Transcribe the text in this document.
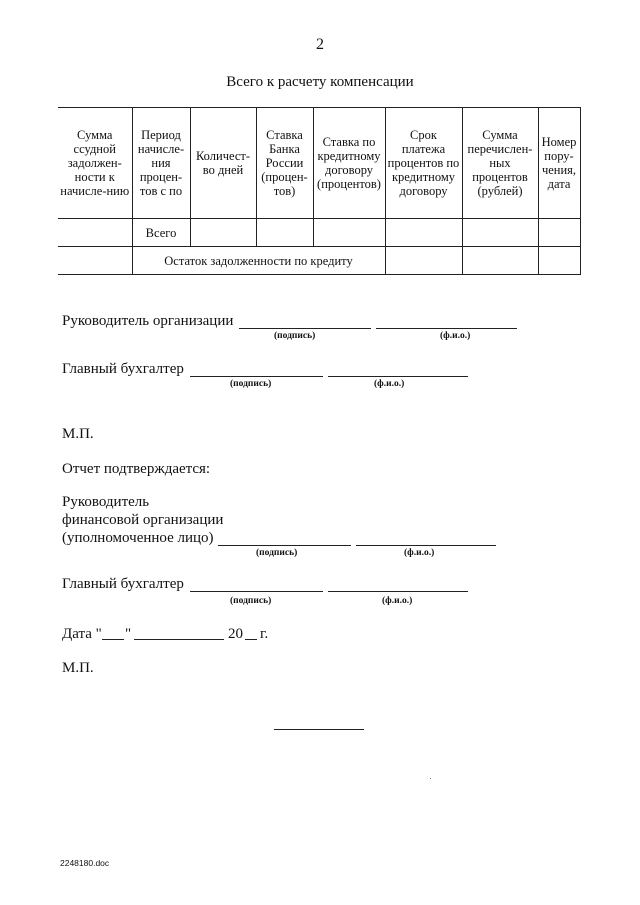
2
Всего к расчету компенсации
Сумма ссудной задолжен-ности к начисле-нию	Период начисле-ния процен-тов с по	Количест-во дней	Ставка Банка России (процен-тов)	Ставка по кредитному договору (процентов)	Срок платежа процентов по кредитному договору	Сумма перечислен-ных процентов (рублей)	Номер пору-чения, дата
	Всего						
	Остаток задолженности по кредиту						
Руководитель организации
(подпись)	(ф.и.о.)
Главный бухгалтер
(подпись)	(ф.и.о.)
М.П.
Отчет подтверждается:
Руководитель
финансовой организации
(уполномоченное лицо)
(подпись)	(ф.и.о.)
Главный бухгалтер
(подпись)	(ф.и.о.)
Дата " "	20 г.
М.П.
2248180.doc
